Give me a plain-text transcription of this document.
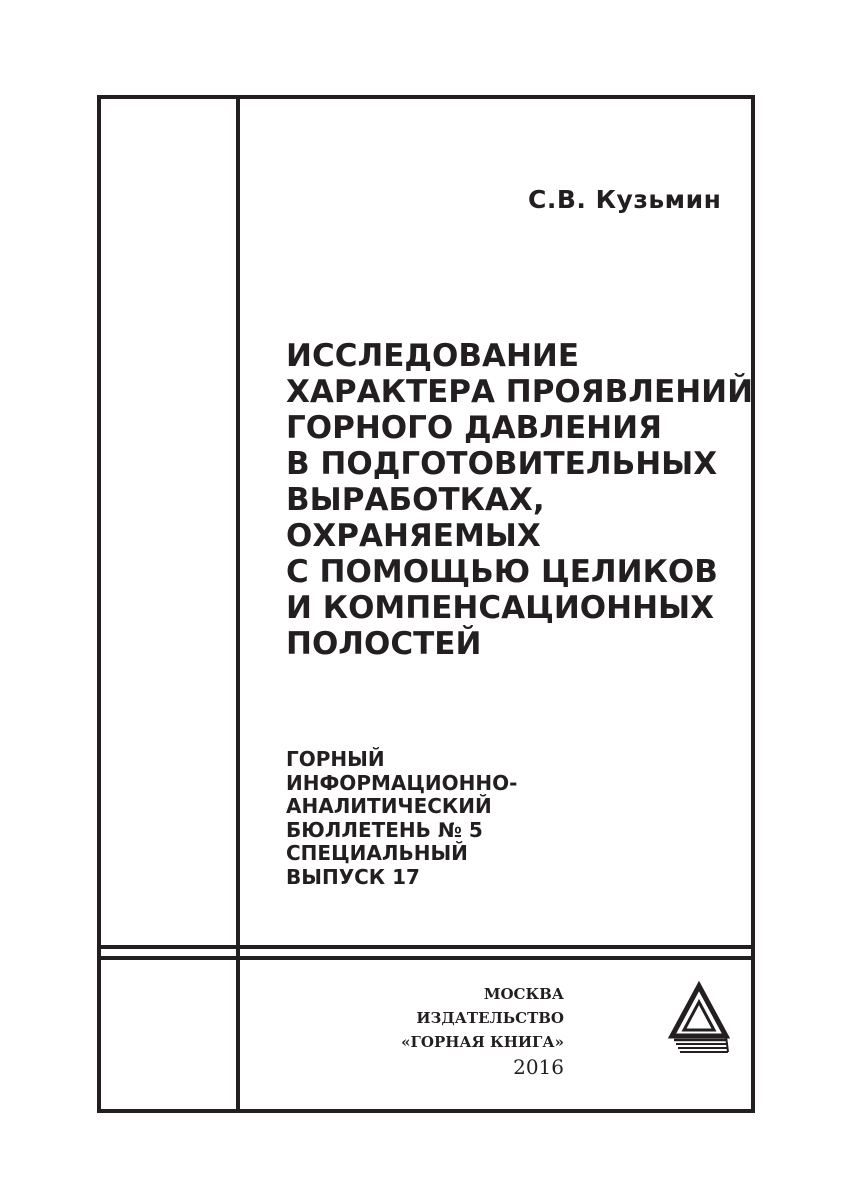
С.В. Кузьмин
ИССЛЕДОВАНИЕ
ХАРАКТЕРА ПРОЯВЛЕНИЙ
ГОРНОГО ДАВЛЕНИЯ
В ПОДГОТОВИТЕЛЬНЫХ
ВЫРАБОТКАХ,
ОХРАНЯЕМЫХ
С ПОМОЩЬЮ ЦЕЛИКОВ
И КОМПЕНСАЦИОННЫХ
ПОЛОСТЕЙ
ГОРНЫЙ
ИНФОРМАЦИОННО-
АНАЛИТИЧЕСКИЙ
БЮЛЛЕТЕНЬ № 5
СПЕЦИАЛЬНЫЙ
ВЫПУСК 17
МОСКВА
ИЗДАТЕЛЬСТВО
«ГОРНАЯ КНИГА»
2016
